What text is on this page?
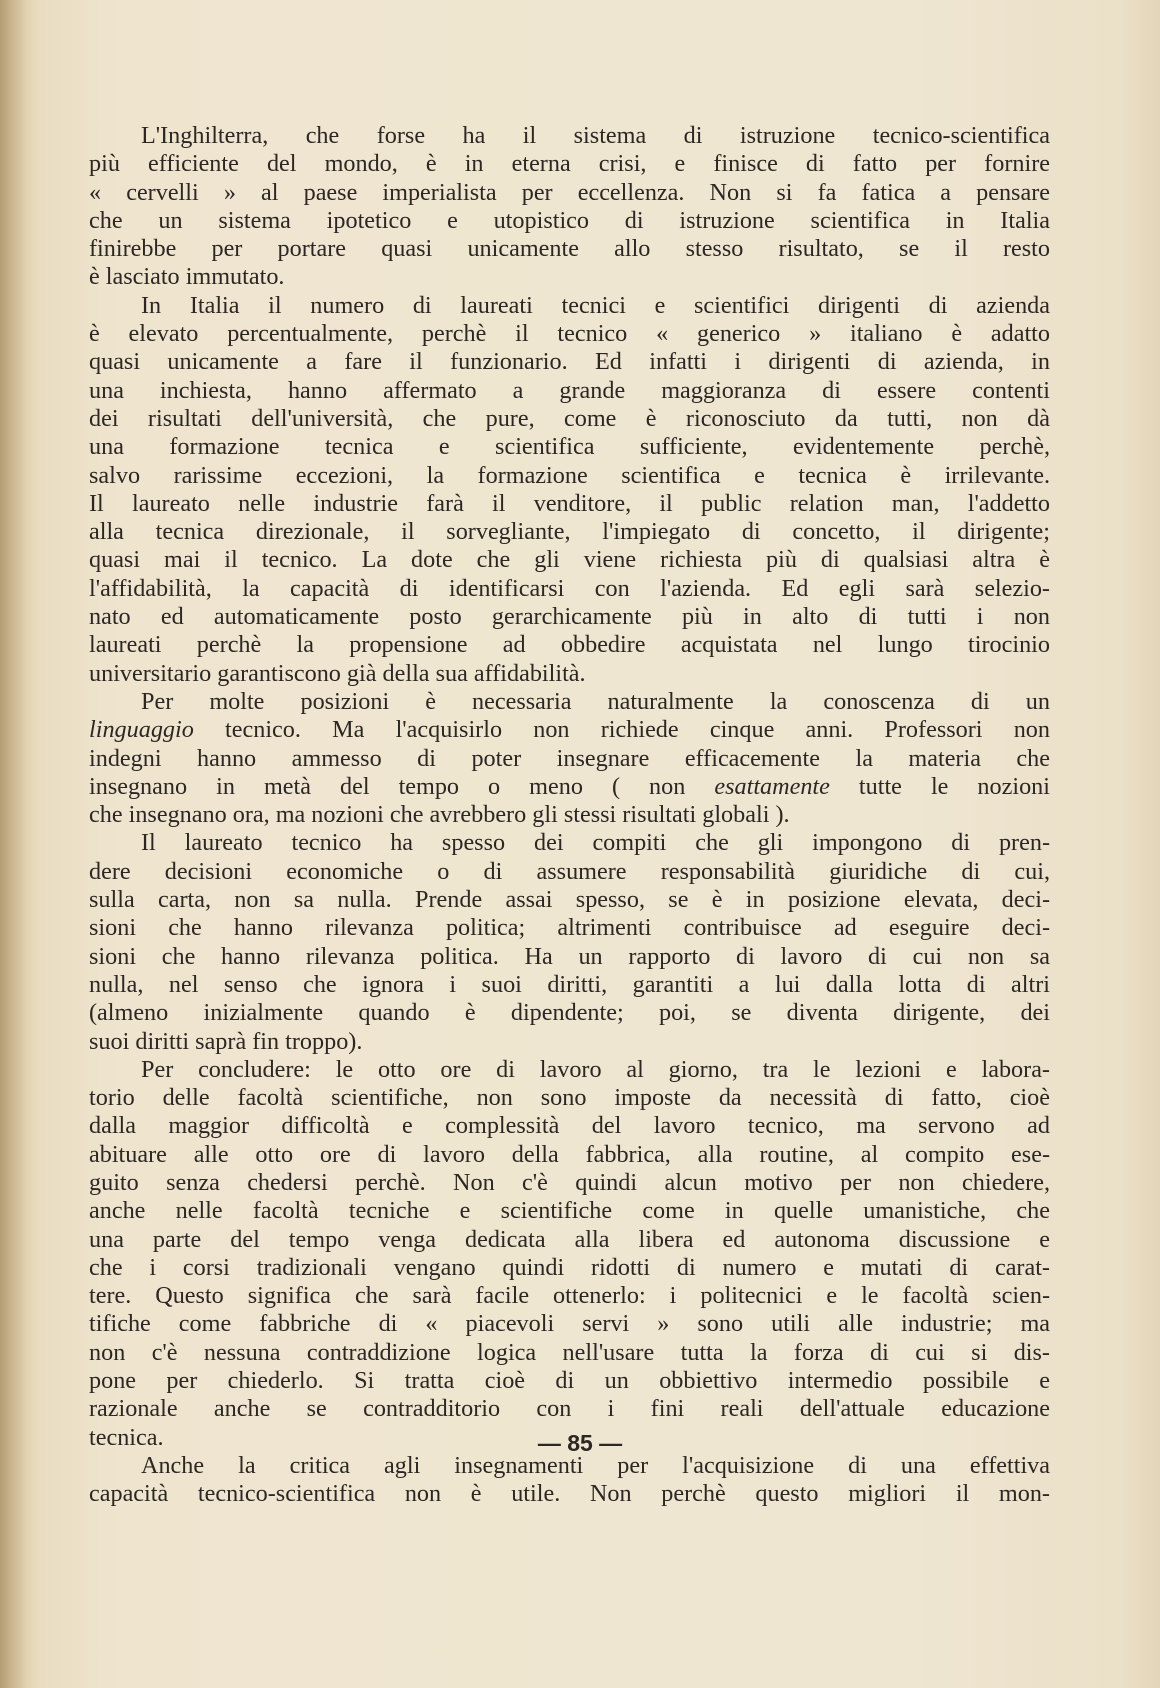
L'Inghilterra, che forse ha il sistema di istruzione tecnico-scientifica
più efficiente del mondo, è in eterna crisi, e finisce di fatto per fornire
« cervelli » al paese imperialista per eccellenza. Non si fa fatica a pensare
che un sistema ipotetico e utopistico di istruzione scientifica in Italia
finirebbe per portare quasi unicamente allo stesso risultato, se il resto
è lasciato immutato.
In Italia il numero di laureati tecnici e scientifici dirigenti di azienda
è elevato percentualmente, perchè il tecnico « generico » italiano è adatto
quasi unicamente a fare il funzionario. Ed infatti i dirigenti di azienda, in
una inchiesta, hanno affermato a grande maggioranza di essere contenti
dei risultati dell'università, che pure, come è riconosciuto da tutti, non dà
una formazione tecnica e scientifica sufficiente, evidentemente perchè,
salvo rarissime eccezioni, la formazione scientifica e tecnica è irrilevante.
Il laureato nelle industrie farà il venditore, il public relation man, l'addetto
alla tecnica direzionale, il sorvegliante, l'impiegato di concetto, il dirigente;
quasi mai il tecnico. La dote che gli viene richiesta più di qualsiasi altra è
l'affidabilità, la capacità di identificarsi con l'azienda. Ed egli sarà selezio-
nato ed automaticamente posto gerarchicamente più in alto di tutti i non
laureati perchè la propensione ad obbedire acquistata nel lungo tirocinio
universitario garantiscono già della sua affidabilità.
Per molte posizioni è necessaria naturalmente la conoscenza di un
linguaggio tecnico. Ma l'acquisirlo non richiede cinque anni. Professori non
indegni hanno ammesso di poter insegnare efficacemente la materia che
insegnano in metà del tempo o meno ( non esattamente tutte le nozioni
che insegnano ora, ma nozioni che avrebbero gli stessi risultati globali ).
Il laureato tecnico ha spesso dei compiti che gli impongono di pren-
dere decisioni economiche o di assumere responsabilità giuridiche di cui,
sulla carta, non sa nulla. Prende assai spesso, se è in posizione elevata, deci-
sioni che hanno rilevanza politica; altrimenti contribuisce ad eseguire deci-
sioni che hanno rilevanza politica. Ha un rapporto di lavoro di cui non sa
nulla, nel senso che ignora i suoi diritti, garantiti a lui dalla lotta di altri
(almeno inizialmente quando è dipendente; poi, se diventa dirigente, dei
suoi diritti saprà fin troppo).
Per concludere: le otto ore di lavoro al giorno, tra le lezioni e labora-
torio delle facoltà scientifiche, non sono imposte da necessità di fatto, cioè
dalla maggior difficoltà e complessità del lavoro tecnico, ma servono ad
abituare alle otto ore di lavoro della fabbrica, alla routine, al compito ese-
guito senza chedersi perchè. Non c'è quindi alcun motivo per non chiedere,
anche nelle facoltà tecniche e scientifiche come in quelle umanistiche, che
una parte del tempo venga dedicata alla libera ed autonoma discussione e
che i corsi tradizionali vengano quindi ridotti di numero e mutati di carat-
tere. Questo significa che sarà facile ottenerlo: i politecnici e le facoltà scien-
tifiche come fabbriche di « piacevoli servi » sono utili alle industrie; ma
non c'è nessuna contraddizione logica nell'usare tutta la forza di cui si dis-
pone per chiederlo. Si tratta cioè di un obbiettivo intermedio possibile e
razionale anche se contradditorio con i fini reali dell'attuale educazione
tecnica.
Anche la critica agli insegnamenti per l'acquisizione di una effettiva
capacità tecnico-scientifica non è utile. Non perchè questo migliori il mon-
— 85 —
